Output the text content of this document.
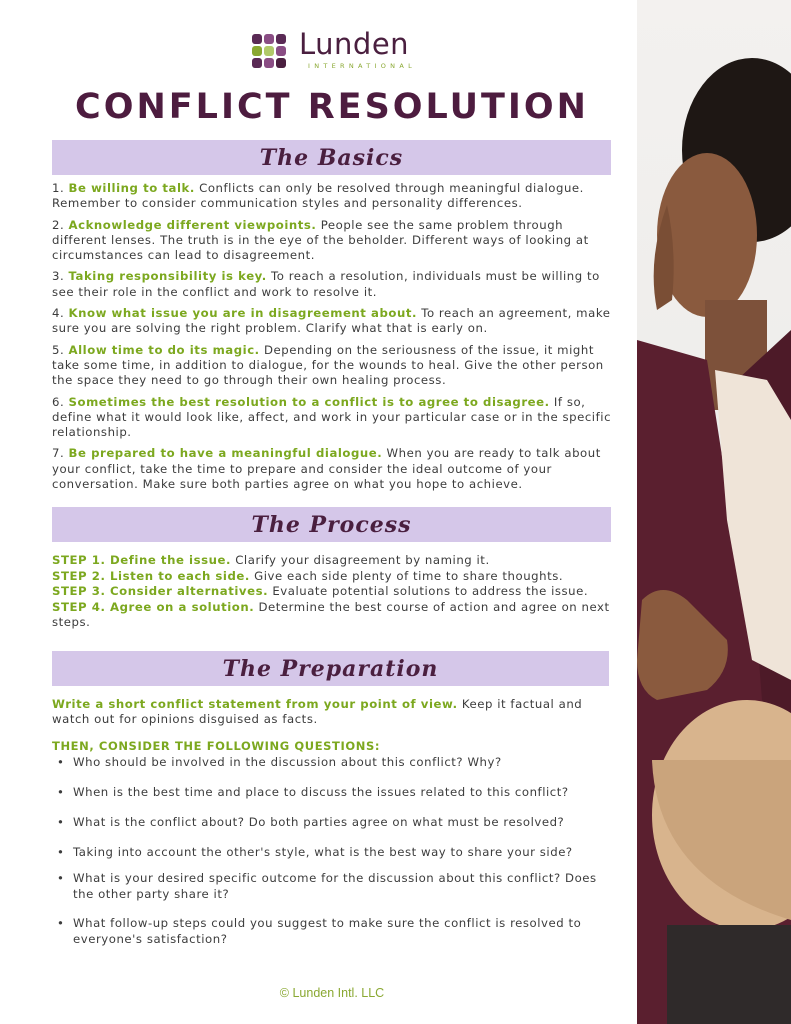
Lunden
INTERNATIONAL
CONFLICT RESOLUTION
The Basics
1. Be willing to talk. Conflicts can only be resolved through meaningful dialogue. Remember to consider communication styles and personality differences.
2. Acknowledge different viewpoints. People see the same problem through different lenses. The truth is in the eye of the beholder. Different ways of looking at circumstances can lead to disagreement.
3. Taking responsibility is key. To reach a resolution, individuals must be willing to see their role in the conflict and work to resolve it.
4. Know what issue you are in disagreement about. To reach an agreement, make sure you are solving the right problem. Clarify what that is early on.
5. Allow time to do its magic. Depending on the seriousness of the issue, it might take some time, in addition to dialogue, for the wounds to heal. Give the other person the space they need to go through their own healing process.
6. Sometimes the best resolution to a conflict is to agree to disagree. If so, define what it would look like, affect, and work in your particular case or in the specific relationship.
7. Be prepared to have a meaningful dialogue. When you are ready to talk about your conflict, take the time to prepare and consider the ideal outcome of your conversation. Make sure both parties agree on what you hope to achieve.
The Process
STEP 1. Define the issue. Clarify your disagreement by naming it.
STEP 2. Listen to each side. Give each side plenty of time to share thoughts.
STEP 3. Consider alternatives. Evaluate potential solutions to address the issue.
STEP 4. Agree on a solution. Determine the best course of action and agree on next steps.
The Preparation
Write a short conflict statement from your point of view. Keep it factual and watch out for opinions disguised as facts.
THEN, CONSIDER THE FOLLOWING QUESTIONS:
• Who should be involved in the discussion about this conflict? Why?
• When is the best time and place to discuss the issues related to this conflict?
• What is the conflict about? Do both parties agree on what must be resolved?
• Taking into account the other's style, what is the best way to share your side?
• What is your desired specific outcome for the discussion about this conflict? Does the other party share it?
• What follow-up steps could you suggest to make sure the conflict is resolved to everyone's satisfaction?
© Lunden Intl. LLC
